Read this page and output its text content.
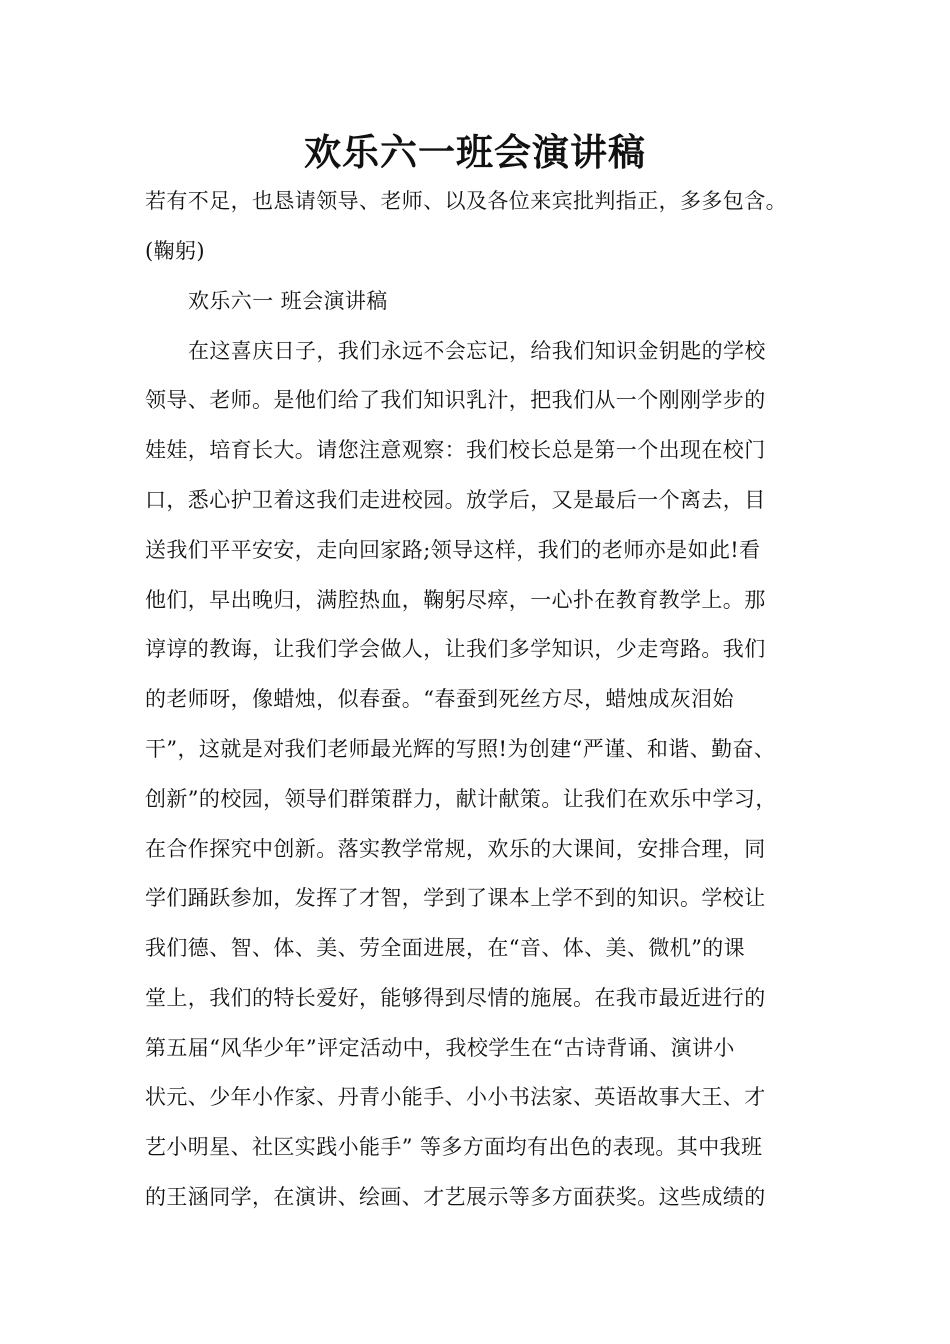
欢乐六一班会演讲稿
若有不足，也恳请领导、老师、以及各位来宾批判指正，多多包含。
(鞠躬)
欢乐六一 班会演讲稿
在这喜庆日子，我们永远不会忘记，给我们知识金钥匙的学校
领导、老师。是他们给了我们知识乳汁，把我们从一个刚刚学步的
娃娃，培育长大。请您注意观察：我们校长总是第一个出现在校门
口，悉心护卫着这我们走进校园。放学后，又是最后一个离去，目
送我们平平安安，走向回家路;领导这样，我们的老师亦是如此!看
他们，早出晚归，满腔热血，鞠躬尽瘁，一心扑在教育教学上。那
谆谆的教诲，让我们学会做人，让我们多学知识，少走弯路。我们
的老师呀，像蜡烛，似春蚕。“春蚕到死丝方尽，蜡烛成灰泪始
干”，这就是对我们老师最光辉的写照!为创建“严谨、和谐、勤奋、
创新”的校园，领导们群策群力，献计献策。让我们在欢乐中学习，
在合作探究中创新。落实教学常规，欢乐的大课间，安排合理，同
学们踊跃参加，发挥了才智，学到了课本上学不到的知识。学校让
我们德、智、体、美、劳全面进展，在“音、体、美、微机”的课
堂上，我们的特长爱好，能够得到尽情的施展。在我市最近进行的
第五届“风华少年”评定活动中，我校学生在“古诗背诵、演讲小
状元、少年小作家、丹青小能手、小小书法家、英语故事大王、才
艺小明星、社区实践小能手” 等多方面均有出色的表现。其中我班
的王涵同学，在演讲、绘画、才艺展示等多方面获奖。这些成绩的
